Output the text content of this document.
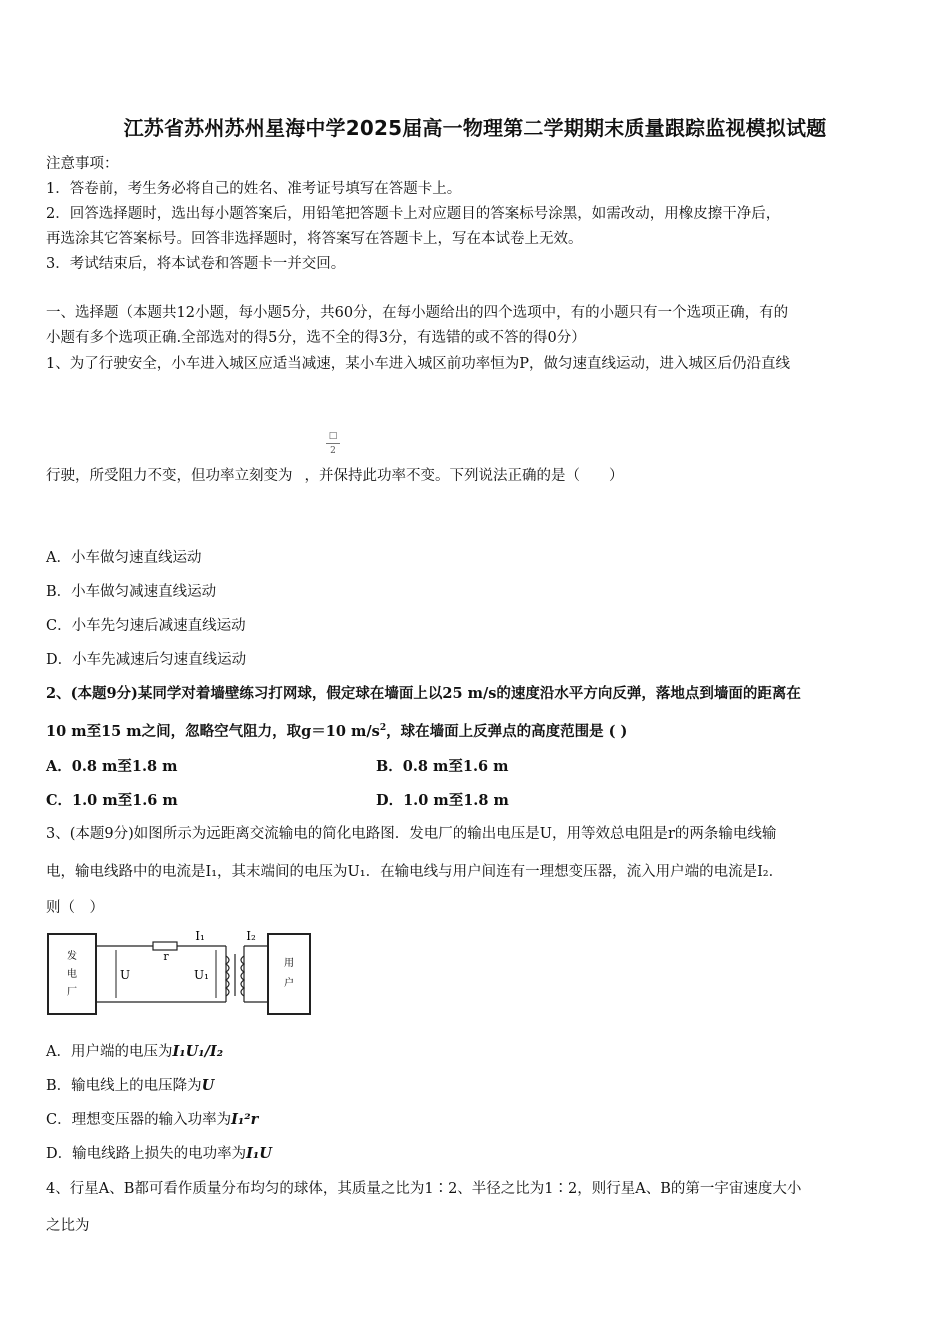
江苏省苏州苏州星海中学2025届高一物理第二学期期末质量跟踪监视模拟试题
注意事项：
1．答卷前，考生务必将自己的姓名、准考证号填写在答题卡上。
2．回答选择题时，选出每小题答案后，用铅笔把答题卡上对应题目的答案标号涂黑，如需改动，用橡皮擦干净后，
再选涂其它答案标号。回答非选择题时，将答案写在答题卡上，写在本试卷上无效。
3．考试结束后，将本试卷和答题卡一并交回。
一、选择题（本题共12小题，每小题5分，共60分，在每小题给出的四个选项中，有的小题只有一个选项正确，有的
小题有多个选项正确.全部选对的得5分，选不全的得3分，有选错的或不答的得0分）
1、为了行驶安全，小车进入城区应适当减速，某小车进入城区前功率恒为P，做匀速直线运动，进入城区后仍沿直线
□
2
行驶，所受阻力不变，但功率立刻变为 ，并保持此功率不变。下列说法正确的是（　　）
A．小车做匀速直线运动
B．小车做匀减速直线运动
C．小车先匀速后减速直线运动
D．小车先减速后匀速直线运动
2、(本题9分)某同学对着墙壁练习打网球，假定球在墙面上以25 m/s的速度沿水平方向反弹，落地点到墙面的距离在
10 m至15 m之间，忽略空气阻力，取g＝10 $m/s^2$，球在墙面上反弹点的高度范围是 ( )
A．0.8 m至1.8 m	B．0.8 m至1.6 m
C．1.0 m至1.6 m	D．1.0 m至1.8 m
3、(本题9分)如图所示为远距离交流输电的简化电路图．发电厂的输出电压是U，用等效总电阻是r的两条输电线输
电，输电线路中的电流是I₁，其末端间的电压为U₁．在输电线与用户间连有一理想变压器，流入用户端的电流是I₂．
则（　）
发
电
厂
r
I₁
U	U₁
I₂
用
户
A．用户端的电压为I₁U₁/I₂
B．输电线上的电压降为U
C．理想变压器的输入功率为I₁²r
D．输电线路上损失的电功率为I₁U
4、行星A、B都可看作质量分布均匀的球体，其质量之比为1∶2、半径之比为1∶2，则行星A、B的第一宇宙速度大小
之比为
